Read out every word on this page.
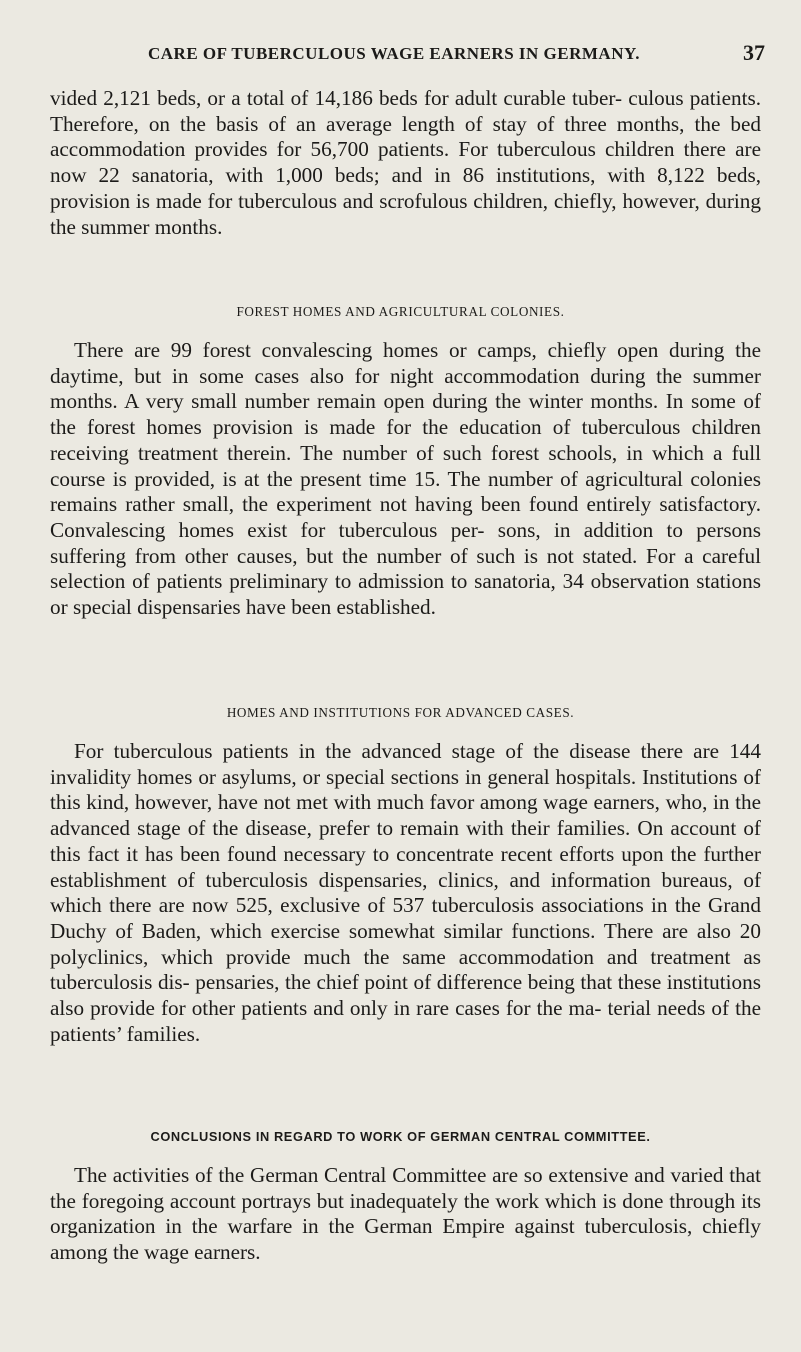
CARE OF TUBERCULOUS WAGE EARNERS IN GERMANY.	37
vided 2,121 beds, or a total of 14,186 beds for adult curable tuber- culous patients. Therefore, on the basis of an average length of stay of three months, the bed accommodation provides for 56,700 patients. For tuberculous children there are now 22 sanatoria, with 1,000 beds; and in 86 institutions, with 8,122 beds, provision is made for tuberculous and scrofulous children, chiefly, however, during the summer months.
FOREST HOMES AND AGRICULTURAL COLONIES.
There are 99 forest convalescing homes or camps, chiefly open during the daytime, but in some cases also for night accommodation during the summer months. A very small number remain open during the winter months. In some of the forest homes provision is made for the education of tuberculous children receiving treatment therein. The number of such forest schools, in which a full course is provided, is at the present time 15. The number of agricultural colonies remains rather small, the experiment not having been found entirely satisfactory. Convalescing homes exist for tuberculous per- sons, in addition to persons suffering from other causes, but the number of such is not stated. For a careful selection of patients preliminary to admission to sanatoria, 34 observation stations or special dispensaries have been established.
HOMES AND INSTITUTIONS FOR ADVANCED CASES.
For tuberculous patients in the advanced stage of the disease there are 144 invalidity homes or asylums, or special sections in general hospitals. Institutions of this kind, however, have not met with much favor among wage earners, who, in the advanced stage of the disease, prefer to remain with their families. On account of this fact it has been found necessary to concentrate recent efforts upon the further establishment of tuberculosis dispensaries, clinics, and information bureaus, of which there are now 525, exclusive of 537 tuberculosis associations in the Grand Duchy of Baden, which exercise somewhat similar functions. There are also 20 polyclinics, which provide much the same accommodation and treatment as tuberculosis dis- pensaries, the chief point of difference being that these institutions also provide for other patients and only in rare cases for the ma- terial needs of the patients’ families.
CONCLUSIONS IN REGARD TO WORK OF GERMAN CENTRAL COMMITTEE.
The activities of the German Central Committee are so extensive and varied that the foregoing account portrays but inadequately the work which is done through its organization in the warfare in the German Empire against tuberculosis, chiefly among the wage earners.
